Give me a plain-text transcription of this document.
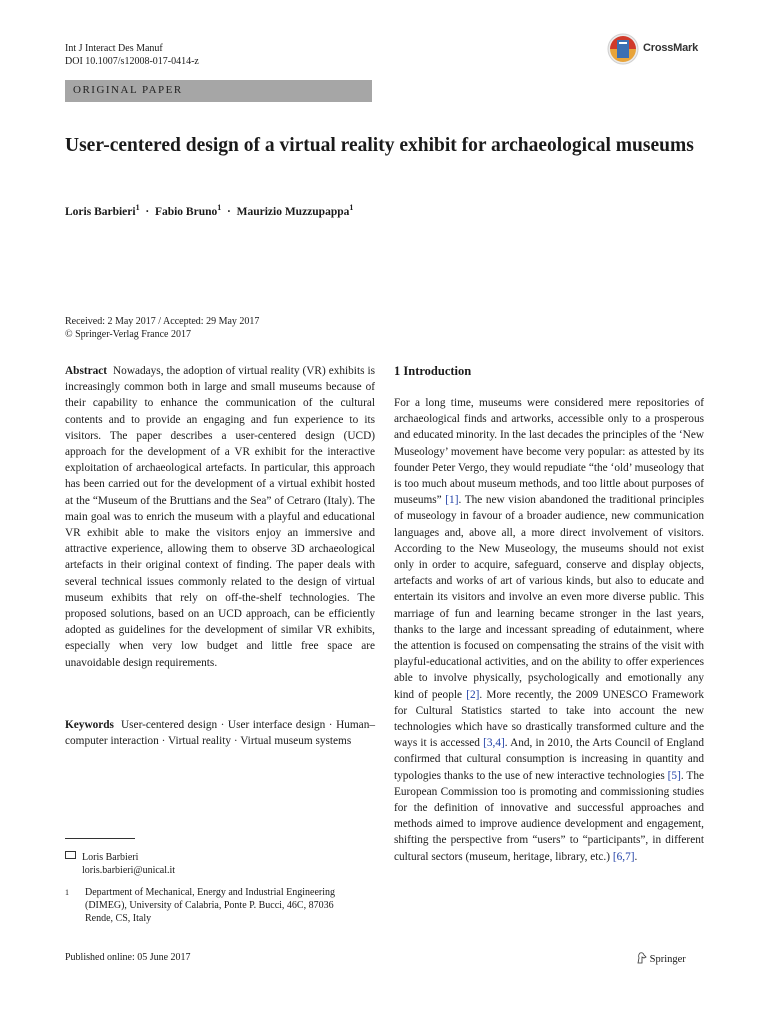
Int J Interact Des Manuf
DOI 10.1007/s12008-017-0414-z
CrossMark
ORIGINAL PAPER
User-centered design of a virtual reality exhibit for archaeological museums
Loris Barbieri$^1$ · Fabio Bruno$^1$ · Maurizio Muzzupappa$^1$
Received: 2 May 2017 / Accepted: 29 May 2017
© Springer-Verlag France 2017
Abstract Nowadays, the adoption of virtual reality (VR) exhibits is increasingly common both in large and small museums because of their capability to enhance the communication of the cultural contents and to provide an engaging and fun experience to its visitors. The paper describes a user-centered design (UCD) approach for the development of a VR exhibit for the interactive exploitation of archaeological artefacts. In particular, this approach has been carried out for the development of a virtual exhibit hosted at the “Museum of the Bruttians and the Sea” of Cetraro (Italy). The main goal was to enrich the museum with a playful and educational VR exhibit able to make the visitors enjoy an immersive and attractive experience, allowing them to observe 3D archaeological artefacts in their original context of finding. The paper deals with several technical issues commonly related to the design of virtual museum exhibits that rely on off-the-shelf technologies. The proposed solutions, based on an UCD approach, can be efficiently adopted as guidelines for the development of similar VR exhibits, especially when very low budget and little free space are unavoidable design requirements.
Keywords User-centered design · User interface design · Human–computer interaction · Virtual reality · Virtual museum systems
Loris Barbieri
loris.barbieri@unical.it
1 Department of Mechanical, Energy and Industrial Engineering (DIMEG), University of Calabria, Ponte P. Bucci, 46C, 87036 Rende, CS, Italy
Published online: 05 June 2017	Springer
1 Introduction
For a long time, museums were considered mere repositories of archaeological finds and artworks, accessible only to a prosperous and educated minority. In the last decades the principles of the ‘New Museology’ movement have become very popular: as attested by its founder Peter Vergo, they would repudiate “the ‘old’ museology that is too much about museum methods, and too little about purposes of museums” [1]. The new vision abandoned the traditional principles of museology in favour of a broader audience, new communication languages and, above all, a more direct involvement of visitors. According to the New Museology, the museums should not exist only in order to acquire, safeguard, conserve and display objects, artefacts and works of art of various kinds, but also to educate and entertain its visitors and involve an even more diverse public. This marriage of fun and learning became stronger in the last years, thanks to the large and incessant spreading of edutainment, where the attention is focused on compensating the strains of the visit with playful-educational activities, and on the ability to offer experiences able to involve physically, psychologically and emotionally any kind of people [2]. More recently, the 2009 UNESCO Framework for Cultural Statistics started to take into account the new technologies which have so drastically transformed culture and the ways it is accessed [3,4]. And, in 2010, the Arts Council of England confirmed that cultural consumption is increasing in quantity and typologies thanks to the use of new interactive technologies [5]. The European Commission too is promoting and commissioning studies for the definition of innovative and successful approaches and methods aimed to improve audience development and engagement, shifting the perspective from “users” to “participants”, in different cultural sectors (museum, heritage, library, etc.) [6,7].
